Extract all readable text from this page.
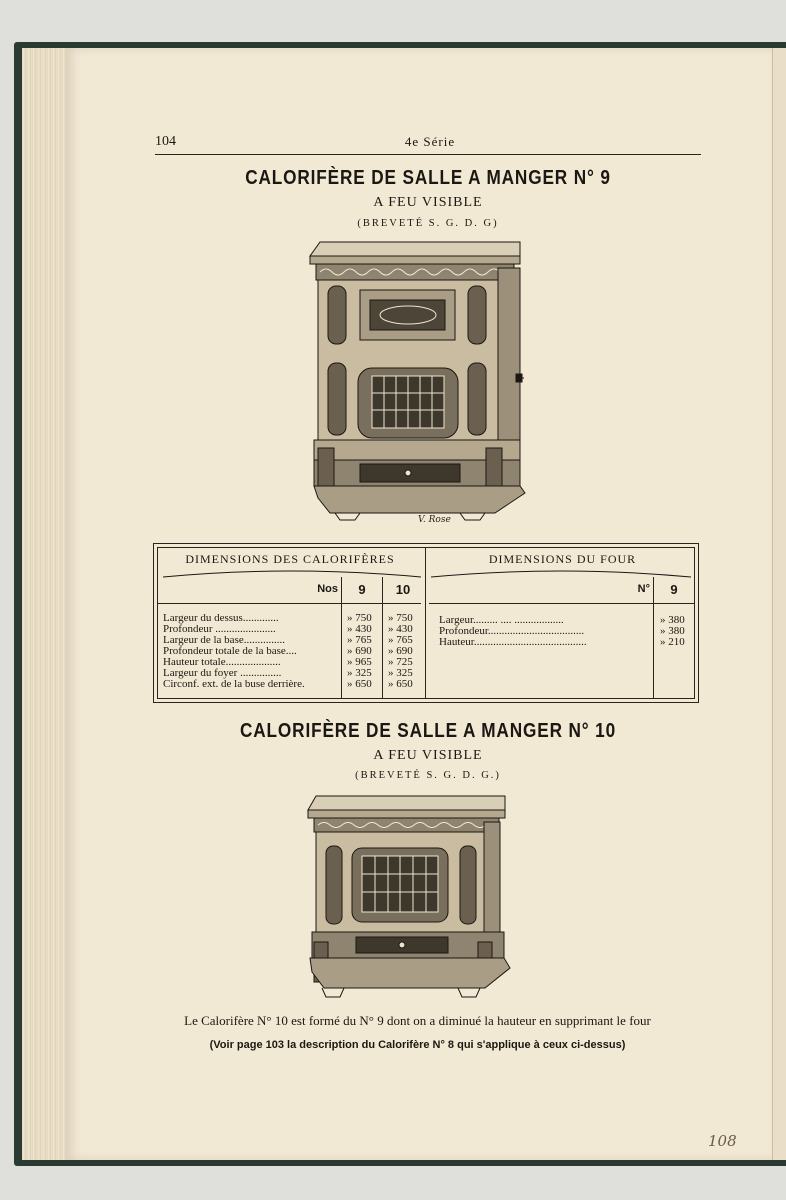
104	4e Série
CALORIFÈRE DE SALLE A MANGER N° 9
A FEU VISIBLE
(BREVETÉ S. G. D. G)
V. Rose
DIMENSIONS DES CALORIFÈRES	DIMENSIONS DU FOUR
Nos	9	10	N°	9
Largeur du dessus.............	» 750 » 750
Profondeur ......................	» 430 » 430
Largeur de la base...............	» 765 » 765
Profondeur totale de la base....	» 690 » 690
Hauteur totale....................	» 965 » 725
Largeur du foyer ...............	» 325 » 325
Circonf. ext. de la buse derrière.	» 650 » 650
Largeur......... .... ..................	» 380
Profondeur...................................	» 380
Hauteur.........................................	» 210
CALORIFÈRE DE SALLE A MANGER N° 10
A FEU VISIBLE
(BREVETÉ S. G. D. G.)
Le Calorifère N° 10 est formé du N° 9 dont on a diminué la hauteur en supprimant le four
(Voir page 103 la description du Calorifère N° 8 qui s'applique à ceux ci-dessus)
108
